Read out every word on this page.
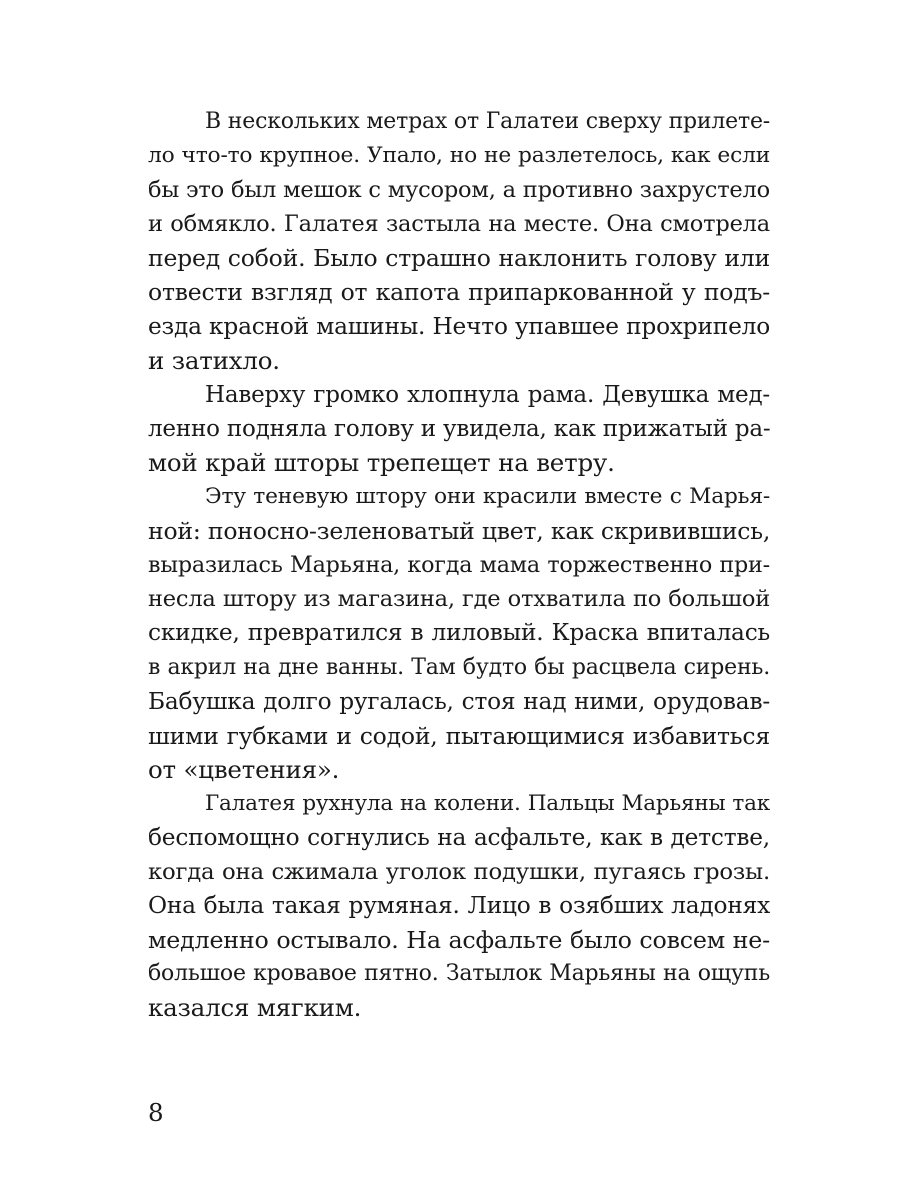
В нескольких метрах от Галатеи сверху прилете-
ло что-то крупное. Упало, но не разлетелось, как если
бы это был мешок с мусором, а противно захрустело
и обмякло. Галатея застыла на месте. Она смотрела
перед собой. Было страшно наклонить голову или
отвести взгляд от капота припаркованной у подъ-
езда красной машины. Нечто упавшее прохрипело
и затихло.
Наверху громко хлопнула рама. Девушка мед-
ленно подняла голову и увидела, как прижатый ра-
мой край шторы трепещет на ветру.
Эту теневую штору они красили вместе с Марья-
ной: поносно-зеленоватый цвет, как скривившись,
выразилась Марьяна, когда мама торжественно при-
несла штору из магазина, где отхватила по большой
скидке, превратился в лиловый. Краска впиталась
в акрил на дне ванны. Там будто бы расцвела сирень.
Бабушка долго ругалась, стоя над ними, орудовав-
шими губками и содой, пытающимися избавиться
от «цветения».
Галатея рухнула на колени. Пальцы Марьяны так
беспомощно согнулись на асфальте, как в детстве,
когда она сжимала уголок подушки, пугаясь грозы.
Она была такая румяная. Лицо в озябших ладонях
медленно остывало. На асфальте было совсем не-
большое кровавое пятно. Затылок Марьяны на ощупь
казался мягким.
8
